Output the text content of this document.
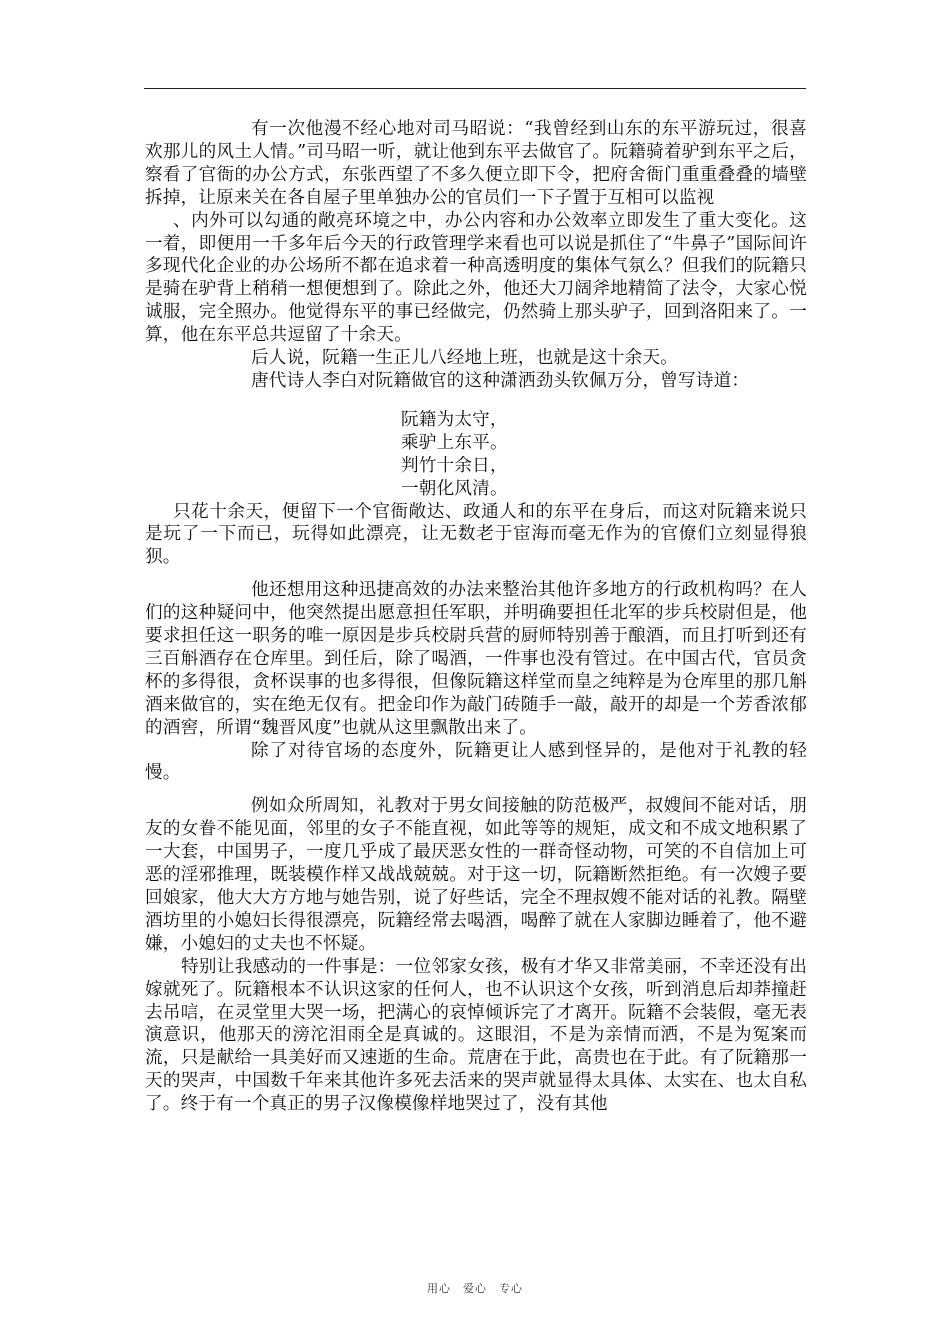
有一次他漫不经心地对司马昭说：“我曾经到山东的东平游玩过，很喜欢那儿的风土人情。”司马昭一听，就让他到东平去做官了。阮籍骑着驴到东平之后，察看了官衙的办公方式，东张西望了不多久便立即下令，把府舍衙门重重叠叠的墙壁拆掉，让原来关在各自屋子里单独办公的官员们一下子置于互相可以监视

、内外可以勾通的敞亮环境之中，办公内容和办公效率立即发生了重大变化。这一着，即便用一千多年后今天的行政管理学来看也可以说是抓住了“牛鼻子”国际间许多现代化企业的办公场所不都在追求着一种高透明度的集体气氛么？但我们的阮籍只是骑在驴背上稍稍一想便想到了。除此之外，他还大刀阔斧地精简了法令，大家心悦诚服，完全照办。他觉得东平的事已经做完，仍然骑上那头驴子，回到洛阳来了。一算，他在东平总共逗留了十余天。

后人说，阮籍一生正儿八经地上班，也就是这十余天。

唐代诗人李白对阮籍做官的这种潇洒劲头钦佩万分，曾写诗道：

阮籍为太守，
乘驴上东平。
判竹十余日，
一朝化风清。

只花十余天，便留下一个官衙敞达、政通人和的东平在身后，而这对阮籍来说只是玩了一下而已，玩得如此漂亮，让无数老于宦海而毫无作为的官僚们立刻显得狼狈。

他还想用这种迅捷高效的办法来整治其他许多地方的行政机构吗？在人们的这种疑问中，他突然提出愿意担任军职，并明确要担任北军的步兵校尉但是，他要求担任这一职务的唯一原因是步兵校尉兵营的厨师特别善于酿酒，而且打听到还有三百斛酒存在仓库里。到任后，除了喝酒，一件事也没有管过。在中国古代，官员贪杯的多得很，贪杯误事的也多得很，但像阮籍这样堂而皇之纯粹是为仓库里的那几斛酒来做官的，实在绝无仅有。把金印作为敲门砖随手一敲，敲开的却是一个芳香浓郁的酒窖，所谓“魏晋风度”也就从这里飘散出来了。

除了对待官场的态度外，阮籍更让人感到怪异的，是他对于礼教的轻慢。

例如众所周知，礼教对于男女间接触的防范极严，叔嫂间不能对话，朋友的女眷不能见面，邻里的女子不能直视，如此等等的规矩，成文和不成文地积累了一大套，中国男子，一度几乎成了最厌恶女性的一群奇怪动物，可笑的不自信加上可恶的淫邪推理，既装模作样又战战兢兢。对于这一切，阮籍断然拒绝。有一次嫂子要回娘家，他大大方方地与她告别，说了好些话，完全不理叔嫂不能对话的礼教。隔壁酒坊里的小媳妇长得很漂亮，阮籍经常去喝酒，喝醉了就在人家脚边睡着了，他不避嫌，小媳妇的丈夫也不怀疑。

特别让我感动的一件事是：一位邻家女孩，极有才华又非常美丽，不幸还没有出嫁就死了。阮籍根本不认识这家的任何人，也不认识这个女孩，听到消息后却莽撞赶去吊唁，在灵堂里大哭一场，把满心的哀悼倾诉完了才离开。阮籍不会装假，毫无表演意识，他那天的滂沱泪雨全是真诚的。这眼泪，不是为亲情而洒，不是为冤案而流，只是献给一具美好而又速逝的生命。荒唐在于此，高贵也在于此。有了阮籍那一天的哭声，中国数千年来其他许多死去活来的哭声就显得太具体、太实在、也太自私了。终于有一个真正的男子汉像模像样地哭过了，没有其他

用心　爱心　专心
